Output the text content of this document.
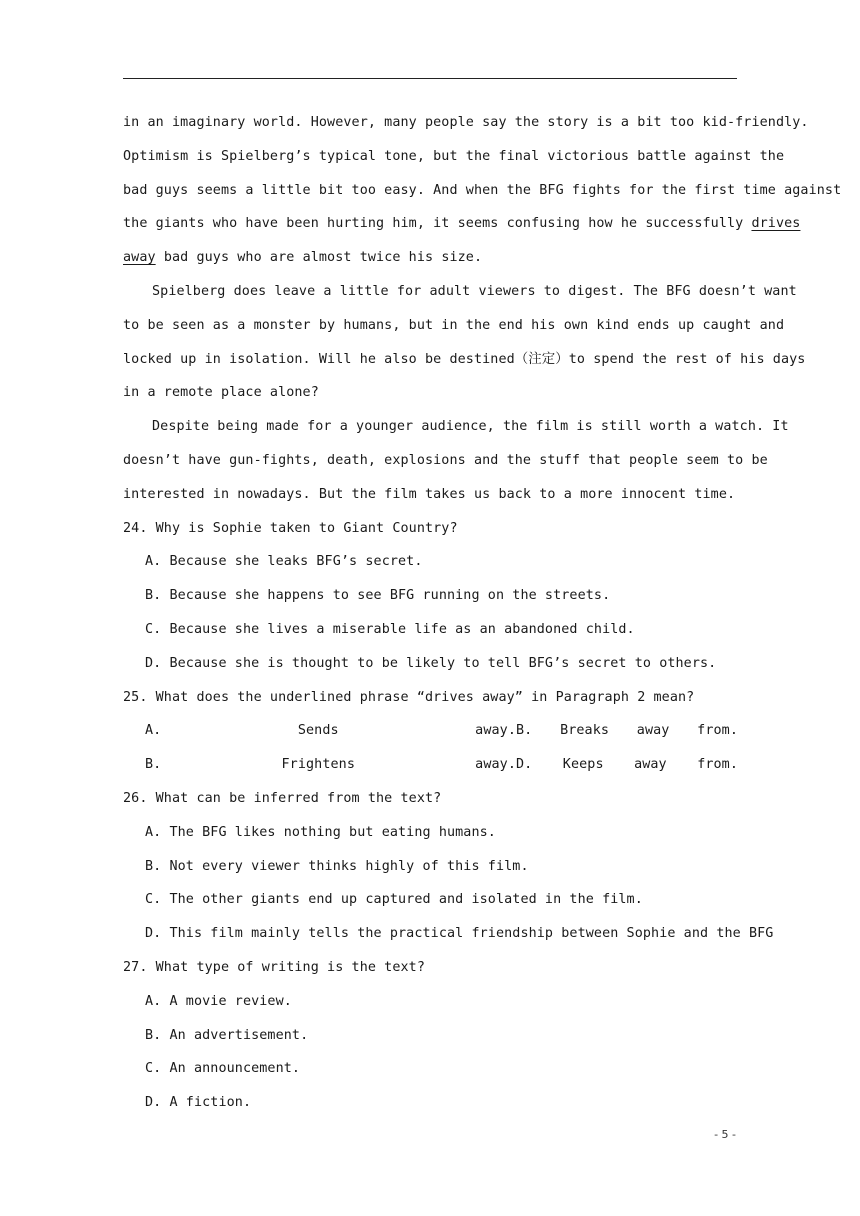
in an imaginary world. However, many people say the story is a bit too kid-friendly.
Optimism is Spielberg’s typical tone, but the final victorious battle against the
bad guys seems a little bit too easy. And when the BFG fights for the first time against
the giants who have been hurting him, it seems confusing how he successfully drives
away bad guys who are almost twice his size.
Spielberg does leave a little for adult viewers to digest. The BFG doesn’t want
to be seen as a monster by humans, but in the end his own kind ends up caught and
locked up in isolation. Will he also be destined（注定）to spend the rest of his days
in a remote place alone?
Despite being made for a younger audience, the film is still worth a watch. It
doesn’t have gun-fights, death, explosions and the stuff that people seem to be
interested in nowadays. But the film takes us back to a more innocent time.
24. Why is Sophie taken to Giant Country?
A. Because she leaks BFG’s secret.
B. Because she happens to see BFG running on the streets.
C. Because she lives a miserable life as an abandoned child.
D. Because she is thought to be likely to tell BFG’s secret to others.
25. What does the underlined phrase “drives away” in Paragraph 2 mean?
A. Sends away. B. Breaks away from.
B. Frightens away. D. Keeps away from.
26. What can be inferred from the text?
A. The BFG likes nothing but eating humans.
B. Not every viewer thinks highly of this film.
C. The other giants end up captured and isolated in the film.
D. This film mainly tells the practical friendship between Sophie and the BFG
27. What type of writing is the text?
A. A movie review.
B. An advertisement.
C. An announcement.
D. A fiction.
- 5 -
